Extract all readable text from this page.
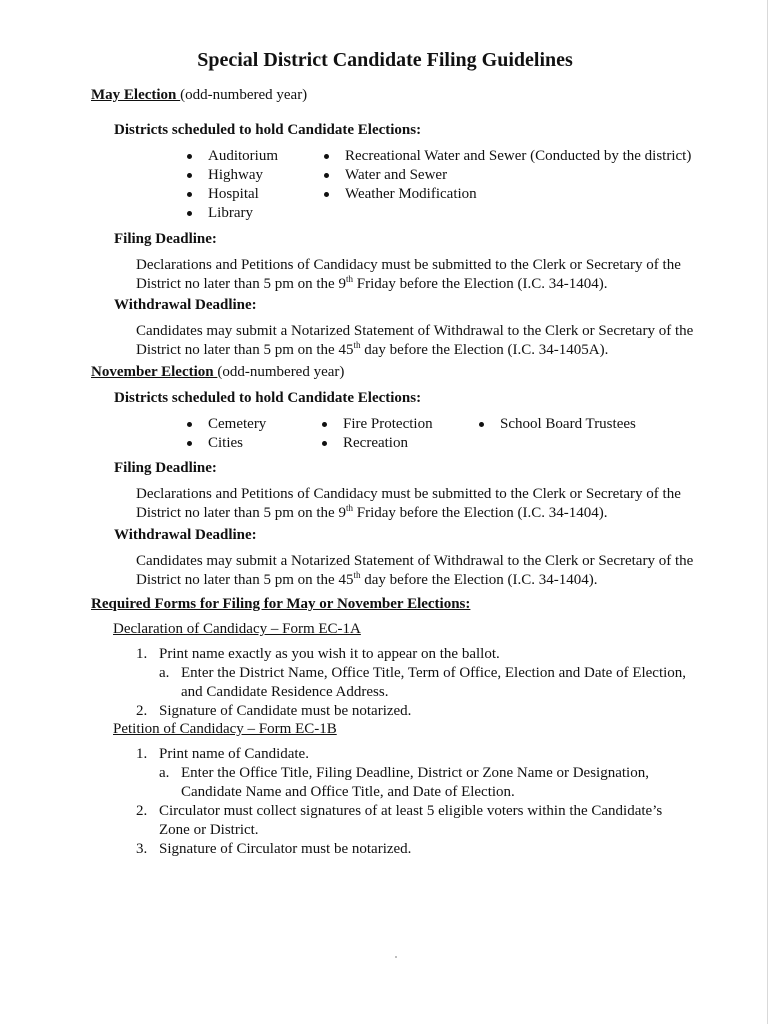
Special District Candidate Filing Guidelines
May Election (odd-numbered year)
Districts scheduled to hold Candidate Elections:
Auditorium
Highway
Hospital
Library
Recreational Water and Sewer (Conducted by the district)
Water and Sewer
Weather Modification
Filing Deadline:
Declarations and Petitions of Candidacy must be submitted to the Clerk or Secretary of the District no later than 5 pm on the 9th Friday before the Election (I.C. 34-1404).
Withdrawal Deadline:
Candidates may submit a Notarized Statement of Withdrawal to the Clerk or Secretary of the District no later than 5 pm on the 45th day before the Election (I.C. 34-1405A).
November Election (odd-numbered year)
Districts scheduled to hold Candidate Elections:
Cemetery
Cities
Fire Protection
Recreation
School Board Trustees
Filing Deadline:
Declarations and Petitions of Candidacy must be submitted to the Clerk or Secretary of the District no later than 5 pm on the 9th Friday before the Election (I.C. 34-1404).
Withdrawal Deadline:
Candidates may submit a Notarized Statement of Withdrawal to the Clerk or Secretary of the District no later than 5 pm on the 45th day before the Election (I.C. 34-1404).
Required Forms for Filing for May or November Elections:
Declaration of Candidacy – Form EC-1A
1. Print name exactly as you wish it to appear on the ballot.
a. Enter the District Name, Office Title, Term of Office, Election and Date of Election, and Candidate Residence Address.
2. Signature of Candidate must be notarized.
Petition of Candidacy – Form EC-1B
1. Print name of Candidate.
a. Enter the Office Title, Filing Deadline, District or Zone Name or Designation, Candidate Name and Office Title, and Date of Election.
2. Circulator must collect signatures of at least 5 eligible voters within the Candidate’s Zone or District.
3. Signature of Circulator must be notarized.
